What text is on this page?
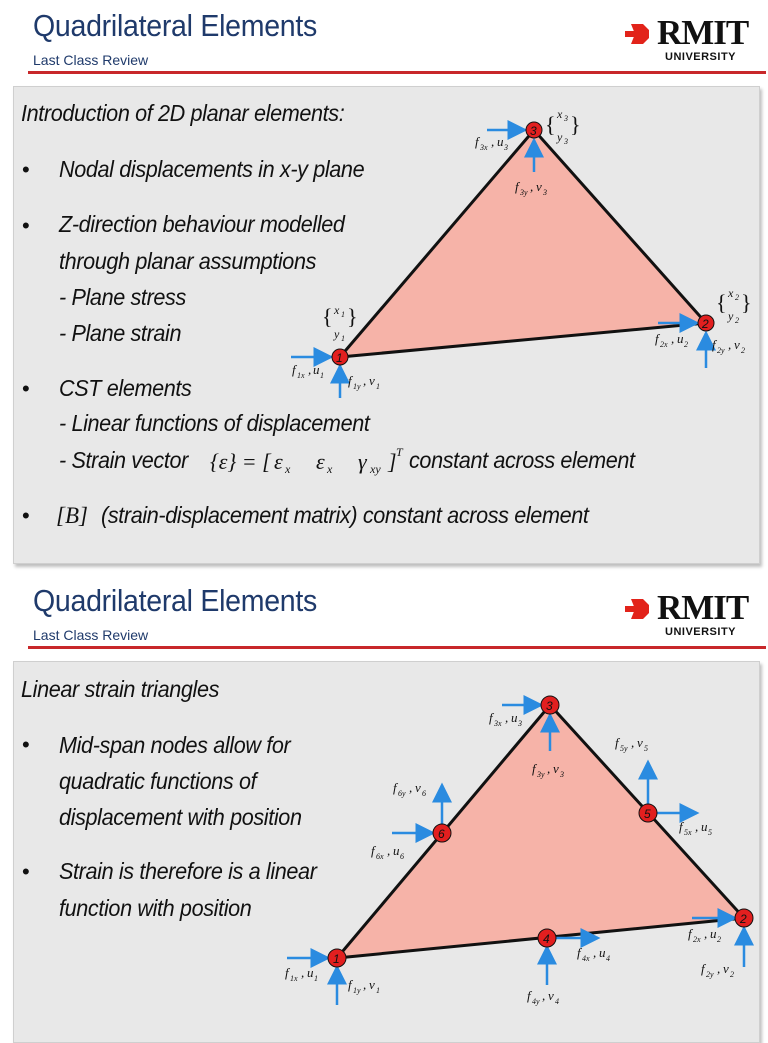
Quadrilateral Elements
Last Class Review
RMIT
UNIVERSITY
Introduction of 2D planar elements:
• Nodal displacements in x-y plane
• Z-direction behaviour modelled
through planar assumptions
- Plane stress
- Plane strain
• CST elements
- Linear functions of displacement
- Strain vector {ε} = [ ε x ε x γ xy ] T constant across element
• [B] (strain-displacement matrix) constant across element
1
3
2
f 1x , u 1 f 1y , v 1
{ x 1
y 1
}
f 3x , u 3
f 3y , v 3
{ x 3
y 3
}
f 2x , u 2 f 2y , v 2
{ x 2
y 2
}
Quadrilateral Elements
Last Class Review
RMIT
UNIVERSITY
Linear strain triangles
• Mid-span nodes allow for
quadratic functions of
displacement with position
• Strain is therefore is a linear
function with position
1
3
2
4
5
6
f 1x , u 1 f 1y , v 1
f 3x , u 3
f 3y , v 3
f 2x , u 2
f 2y , v 2
f 4x , u 4
f 4y , v 4
f 5x , u 5
f 5y , v 5
f 6x , u 6
f 6y , v 6
